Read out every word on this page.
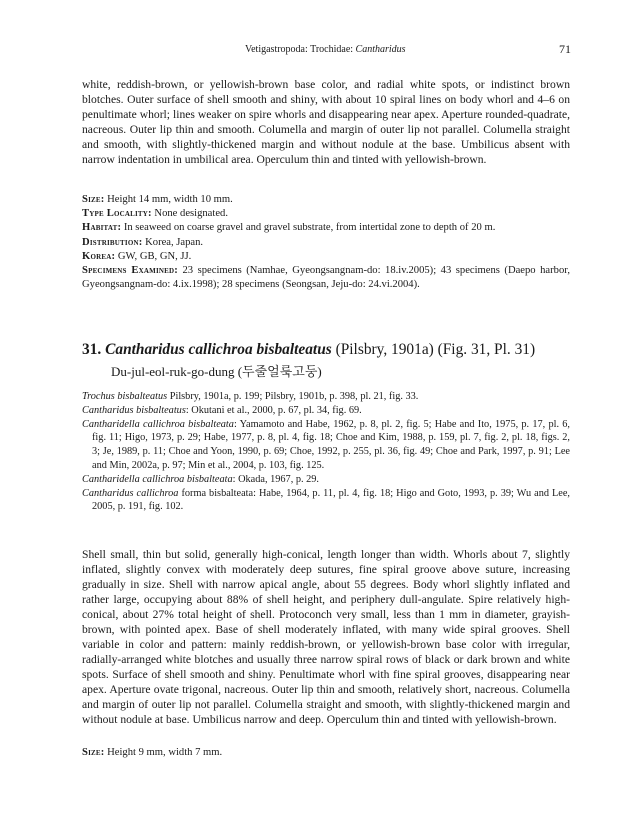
Vetigastropoda: Trochidae: Cantharidus	71

white, reddish-brown, or yellowish-brown base color, and radial white spots, or indistinct brown blotches. Outer surface of shell smooth and shiny, with about 10 spiral lines on body whorl and 4–6 on penultimate whorl; lines weaker on spire whorls and disappearing near apex. Aperture rounded-quadrate, nacreous. Outer lip thin and smooth. Columella and margin of outer lip not parallel. Columella straight and smooth, with slightly-thickened margin and without nodule at the base. Umbilicus absent with narrow indentation in umbilical area. Operculum thin and tinted with yellowish-brown.

Size: Height 14 mm, width 10 mm.

Type Locality: None designated.

Habitat: In seaweed on coarse gravel and gravel substrate, from intertidal zone to depth of 20 m.

Distribution: Korea, Japan.

Korea: GW, GB, GN, JJ.

Specimens Examined: 23 specimens (Namhae, Gyeongsangnam-do: 18.iv.2005); 43 specimens (Daepo harbor, Gyeongsangnam-do: 4.ix.1998); 28 specimens (Seongsan, Jeju-do: 24.vi.2004).

31. Cantharidus callichroa bisbalteatus (Pilsbry, 1901a) (Fig. 31, Pl. 31)
Du-jul-eol-ruk-go-dung (두줄얼룩고둥)

Trochus bisbalteatus Pilsbry, 1901a, p. 199; Pilsbry, 1901b, p. 398, pl. 21, fig. 33.

Cantharidus bisbalteatus: Okutani et al., 2000, p. 67, pl. 34, fig. 69.

Cantharidella callichroa bisbalteata: Yamamoto and Habe, 1962, p. 8, pl. 2, fig. 5; Habe and Ito, 1975, p. 17, pl. 6, fig. 11; Higo, 1973, p. 29; Habe, 1977, p. 8, pl. 4, fig. 18; Choe and Kim, 1988, p. 159, pl. 7, fig. 2, pl. 18, figs. 2, 3; Je, 1989, p. 11; Choe and Yoon, 1990, p. 69; Choe, 1992, p. 255, pl. 36, fig. 49; Choe and Park, 1997, p. 91; Lee and Min, 2002a, p. 97; Min et al., 2004, p. 103, fig. 125.

Cantharidella callichroa bisbalteata: Okada, 1967, p. 29.

Cantharidus callichroa forma bisbalteata: Habe, 1964, p. 11, pl. 4, fig. 18; Higo and Goto, 1993, p. 39; Wu and Lee, 2005, p. 191, fig. 102.

Shell small, thin but solid, generally high-conical, length longer than width. Whorls about 7, slightly inflated, slightly convex with moderately deep sutures, fine spiral groove above suture, increasing gradually in size. Shell with narrow apical angle, about 55 degrees. Body whorl slightly inflated and rather large, occupying about 88% of shell height, and periphery dull-angulate. Spire relatively high-conical, about 27% total height of shell. Protoconch very small, less than 1 mm in diameter, grayish-brown, with pointed apex. Base of shell moderately inflated, with many wide spiral grooves. Shell variable in color and pattern: mainly reddish-brown, or yellowish-brown base color with irregular, radially-arranged white blotches and usually three narrow spiral rows of black or dark brown and white spots. Surface of shell smooth and shiny. Penultimate whorl with fine spiral grooves, disappearing near apex. Aperture ovate trigonal, nacreous. Outer lip thin and smooth, relatively short, nacreous. Columella and margin of outer lip not parallel. Columella straight and smooth, with slightly-thickened margin and without nodule at base. Umbilicus narrow and deep. Operculum thin and tinted with yellowish-brown.

Size: Height 9 mm, width 7 mm.
